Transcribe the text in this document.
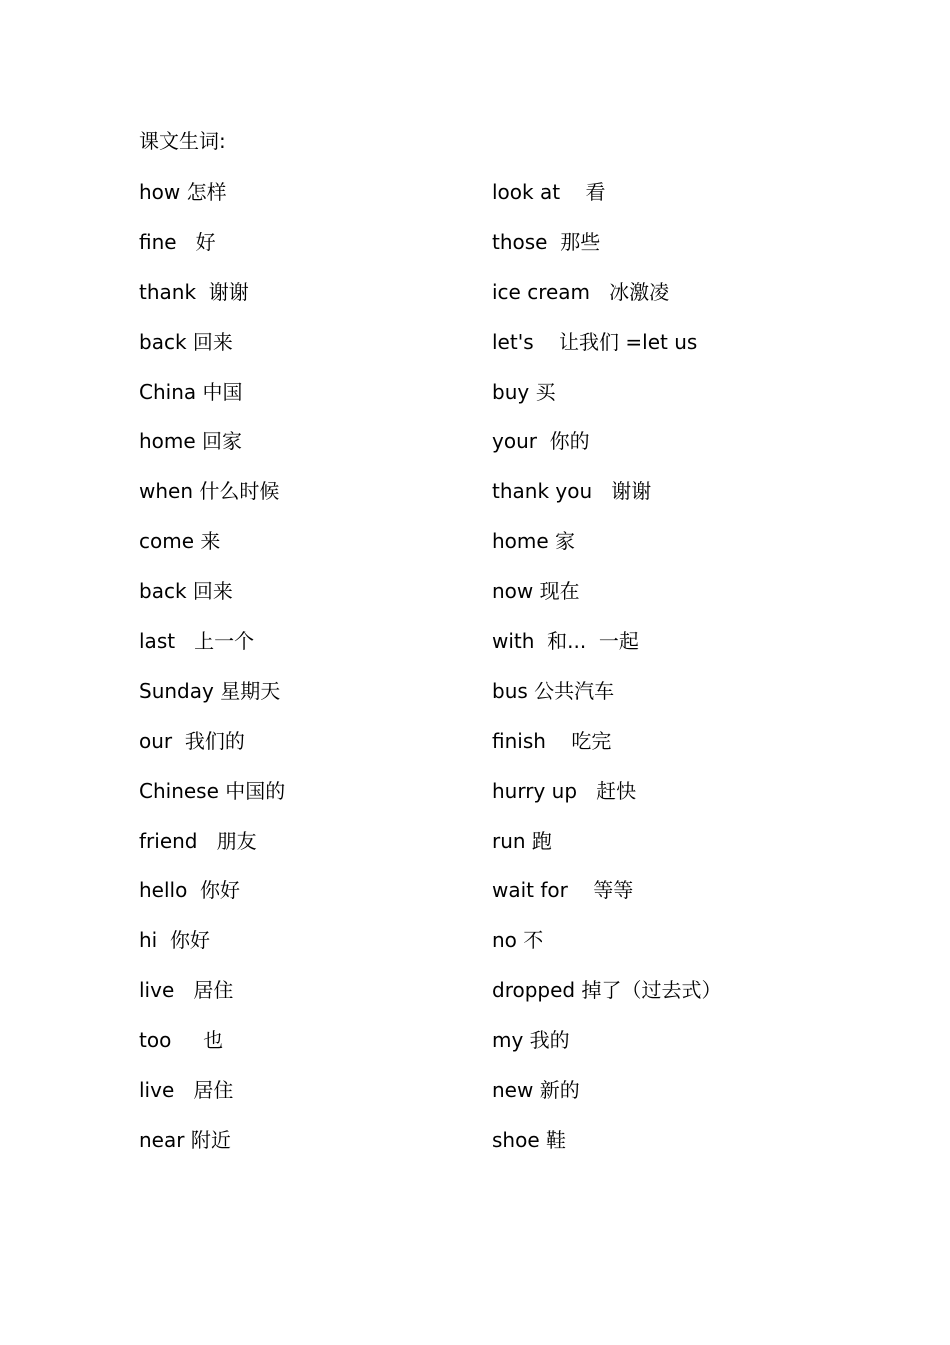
课文生词:
how 怎样
fine   好
thank  谢谢
back 回来
China 中国
home 回家
when 什么时候
come 来
back 回来
last   上一个
Sunday 星期天
our  我们的
Chinese 中国的
friend   朋友
hello  你好
hi  你好
live   居住
too     也
live   居住
near 附近
look at    看
those  那些
ice cream   冰激凌
let's    让我们 =let us
buy 买
your  你的
thank you   谢谢
home 家
now 现在
with  和...  一起
bus 公共汽车
finish    吃完
hurry up   赶快
run 跑
wait for    等等
no 不
dropped 掉了（过去式）
my 我的
new 新的
shoe 鞋
